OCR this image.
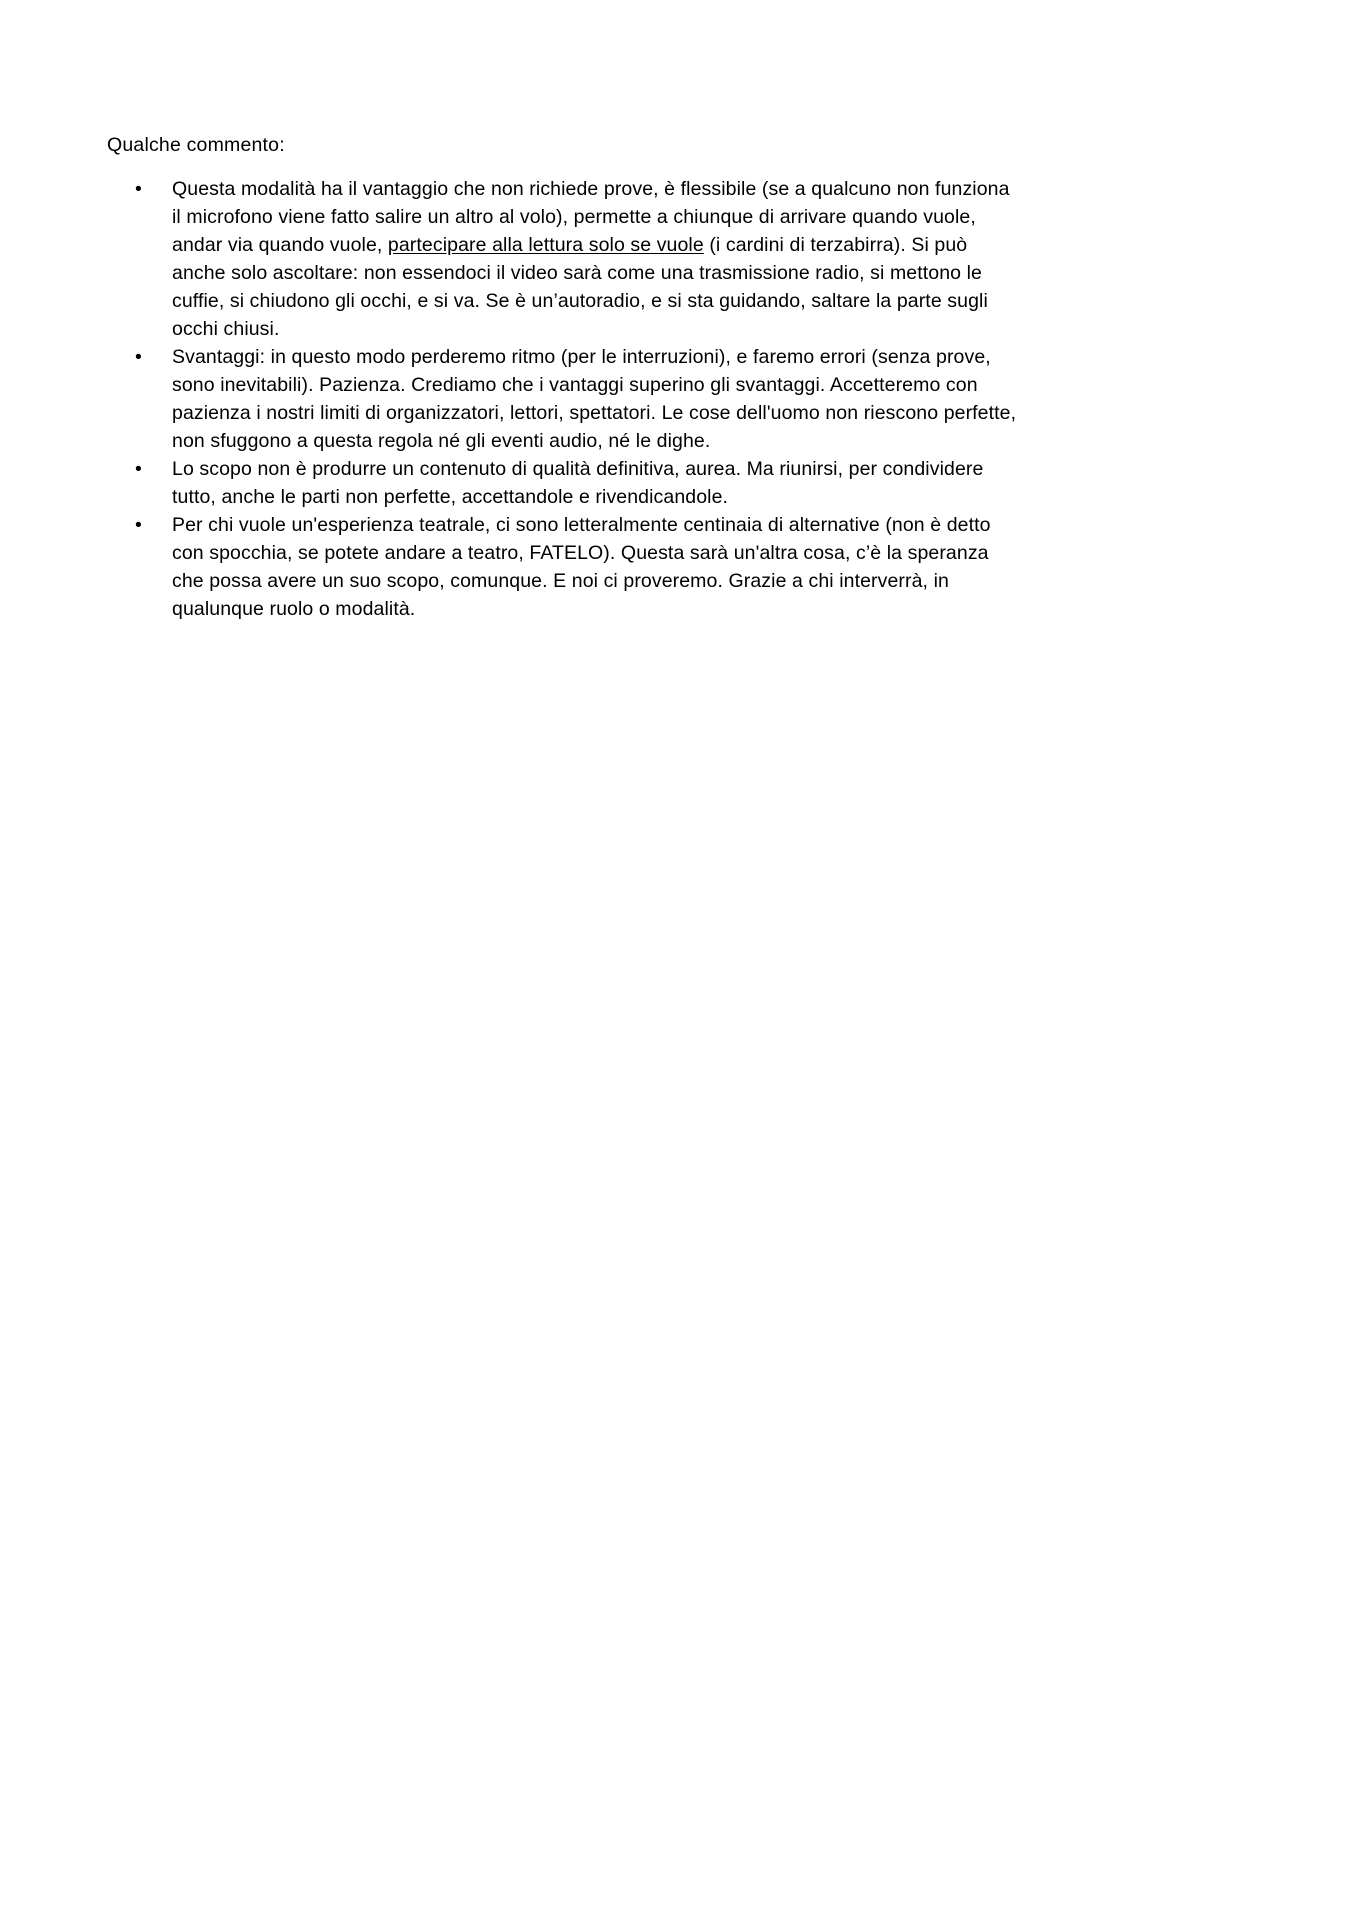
Qualche commento:

•	Questa modalità ha il vantaggio che non richiede prove, è flessibile (se a qualcuno non funziona il microfono viene fatto salire un altro al volo), permette a chiunque di arrivare quando vuole, andar via quando vuole, partecipare alla lettura solo se vuole (i cardini di terzabirra). Si può anche solo ascoltare: non essendoci il video sarà come una trasmissione radio, si mettono le cuffie, si chiudono gli occhi, e si va. Se è un’autoradio, e si sta guidando, saltare la parte sugli occhi chiusi.
•	Svantaggi: in questo modo perderemo ritmo (per le interruzioni), e faremo errori (senza prove, sono inevitabili). Pazienza. Crediamo che i vantaggi superino gli svantaggi. Accetteremo con pazienza i nostri limiti di organizzatori, lettori, spettatori. Le cose dell'uomo non riescono perfette, non sfuggono a questa regola né gli eventi audio, né le dighe.
•	Lo scopo non è produrre un contenuto di qualità definitiva, aurea. Ma riunirsi, per condividere tutto, anche le parti non perfette, accettandole e rivendicandole.
•	Per chi vuole un'esperienza teatrale, ci sono letteralmente centinaia di alternative (non è detto con spocchia, se potete andare a teatro, FATELO). Questa sarà un'altra cosa, c’è la speranza che possa avere un suo scopo, comunque. E noi ci proveremo. Grazie a chi interverrà, in qualunque ruolo o modalità.
